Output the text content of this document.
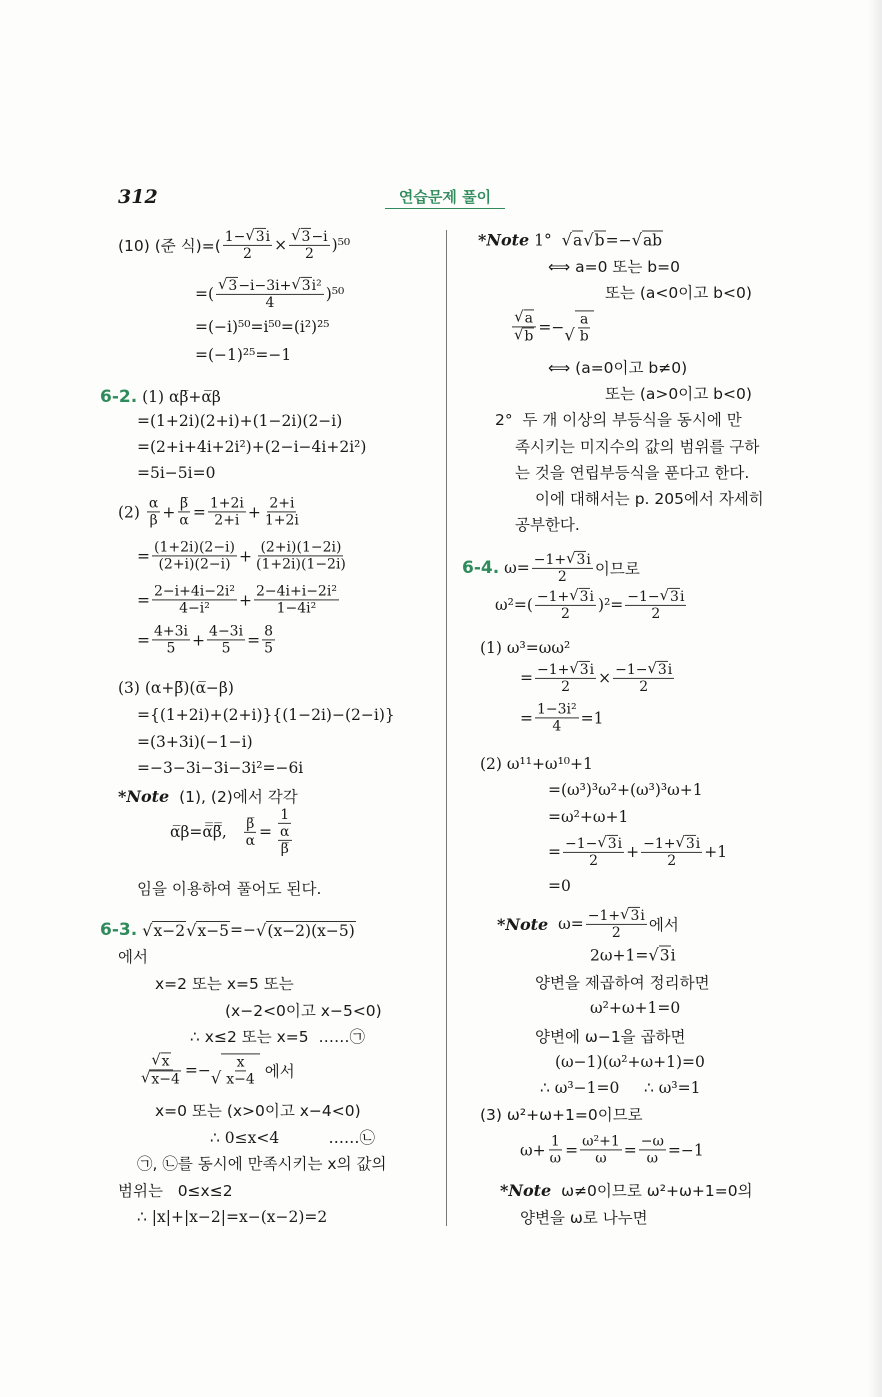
312	연습문제 풀이
(10) (준 식)=( $\frac{1- √ 3 i}{2} \times \frac{√ 3 -i}{2} )^{50}$
=( $\frac{\text{√ 3 −i−3i+ √ 3 i²}}{4} )^{50}$
=(−i)⁵⁰=i⁵⁰=(i²)²⁵
=(−1)²⁵=−1
6-2. (1) αβ̅+α̅β
=(1+2i)(2+i)+(1−2i)(2−i)
=(2+i+4i+2i²)+(2−i−4i+2i²)
=5i−5i=0
$(2) \frac{\alpha}{\beta} + \frac{\beta̅}{\alpha} = \frac{1+2i}{2+i} + \frac{2+i}{1+2i}$
= $\frac{(1+2i)(2-i)}{(2+i)(2-i)} + \frac{(2+i)(1-2i)}{(1+2i)(1-2i)}$
= $\frac{\text{2−i+4i−2i²}}{\text{4−i²}} + \frac{\text{2−4i+i−2i²}}{\text{1−4i²}}$
= $\frac{4+3i}{5} + \frac{4-3i}{5} = \frac{8}{5}$
(3) (α+β̅)(α̅−β)
={(1+2i)+(2+i)}{(1−2i)−(2−i)}
=(3+3i)(−1−i)
=−3−3i−3i−3i²=−6i
*Note (1), (2)에서 각각
α̅β=α̅̅β̅̅, $\frac{\beta̅}{\alpha} = \frac{1}{\frac{\alpha}{\beta̅}}$
임을 이용하여 풀어도 된다.
6-3.
√ x−2 √ x−5 =− √ (x−2)(x−5)
에서
x=2 또는 x=5 또는
(x−2<0이고 x−5<0)
∴ x≤2 또는 x=5  ……㉠
$\frac{√ x}{√ x-4}$ =− √ $\frac{x}{x-4}$ 에서
x=0 또는 (x>0이고 x−4<0)
∴ 0≤x<4          ……㉡
㉠, ㉡를 동시에 만족시키는 x의 값의
범위는   0≤x≤2
∴ |x|+|x−2|=x−(x−2)=2
*Note 1° √ a √ b =− √ ab
⟺ a=0 또는 b=0
또는 (a<0이고 b<0)
$\frac{√ a}{√ b}$ =− √ $\frac{a}{b}$
⟺ (a=0이고 b≠0)
또는 (a>0이고 b<0)
2°  두 개 이상의 부등식을 동시에 만
족시키는 미지수의 값의 범위를 구하
는 것을 연립부등식을 푼다고 한다.
이에 대해서는 p. 205에서 자세히
공부한다.
6-4. $\omega= \frac{-1+ √ 3 i}{2}$ 이므로
$\omega^2=( \frac{-1+ √ 3 i}{2} )^2= \frac{-1- √ 3 i}{2}$
(1) ω³=ωω²
= $\frac{-1+ √ 3 i}{2} \times \frac{-1- √ 3 i}{2}$
= $\frac{\text{1−3i²}}{4} =1$
(2) ω¹¹+ω¹⁰+1
=(ω³)³ω²+(ω³)³ω+1
=ω²+ω+1
= $\frac{-1- √ 3 i}{2} + \frac{-1+ √ 3 i}{2} +1$
=0
*Note $\omega= \frac{-1+ √ 3 i}{2}$ 에서
2ω+1= √ 3 i
양변을 제곱하여 정리하면
ω²+ω+1=0
양변에 ω−1을 곱하면
(ω−1)(ω²+ω+1)=0
∴ ω³−1=0     ∴ ω³=1
(3) ω²+ω+1=0이므로
$\omega+ \frac{1}{\omega} = \frac{\text{ω²+1}}{\omega} = \frac{-\omega}{\omega} =-1$
*Note ω≠0이므로 ω²+ω+1=0의
양변을 ω로 나누면
